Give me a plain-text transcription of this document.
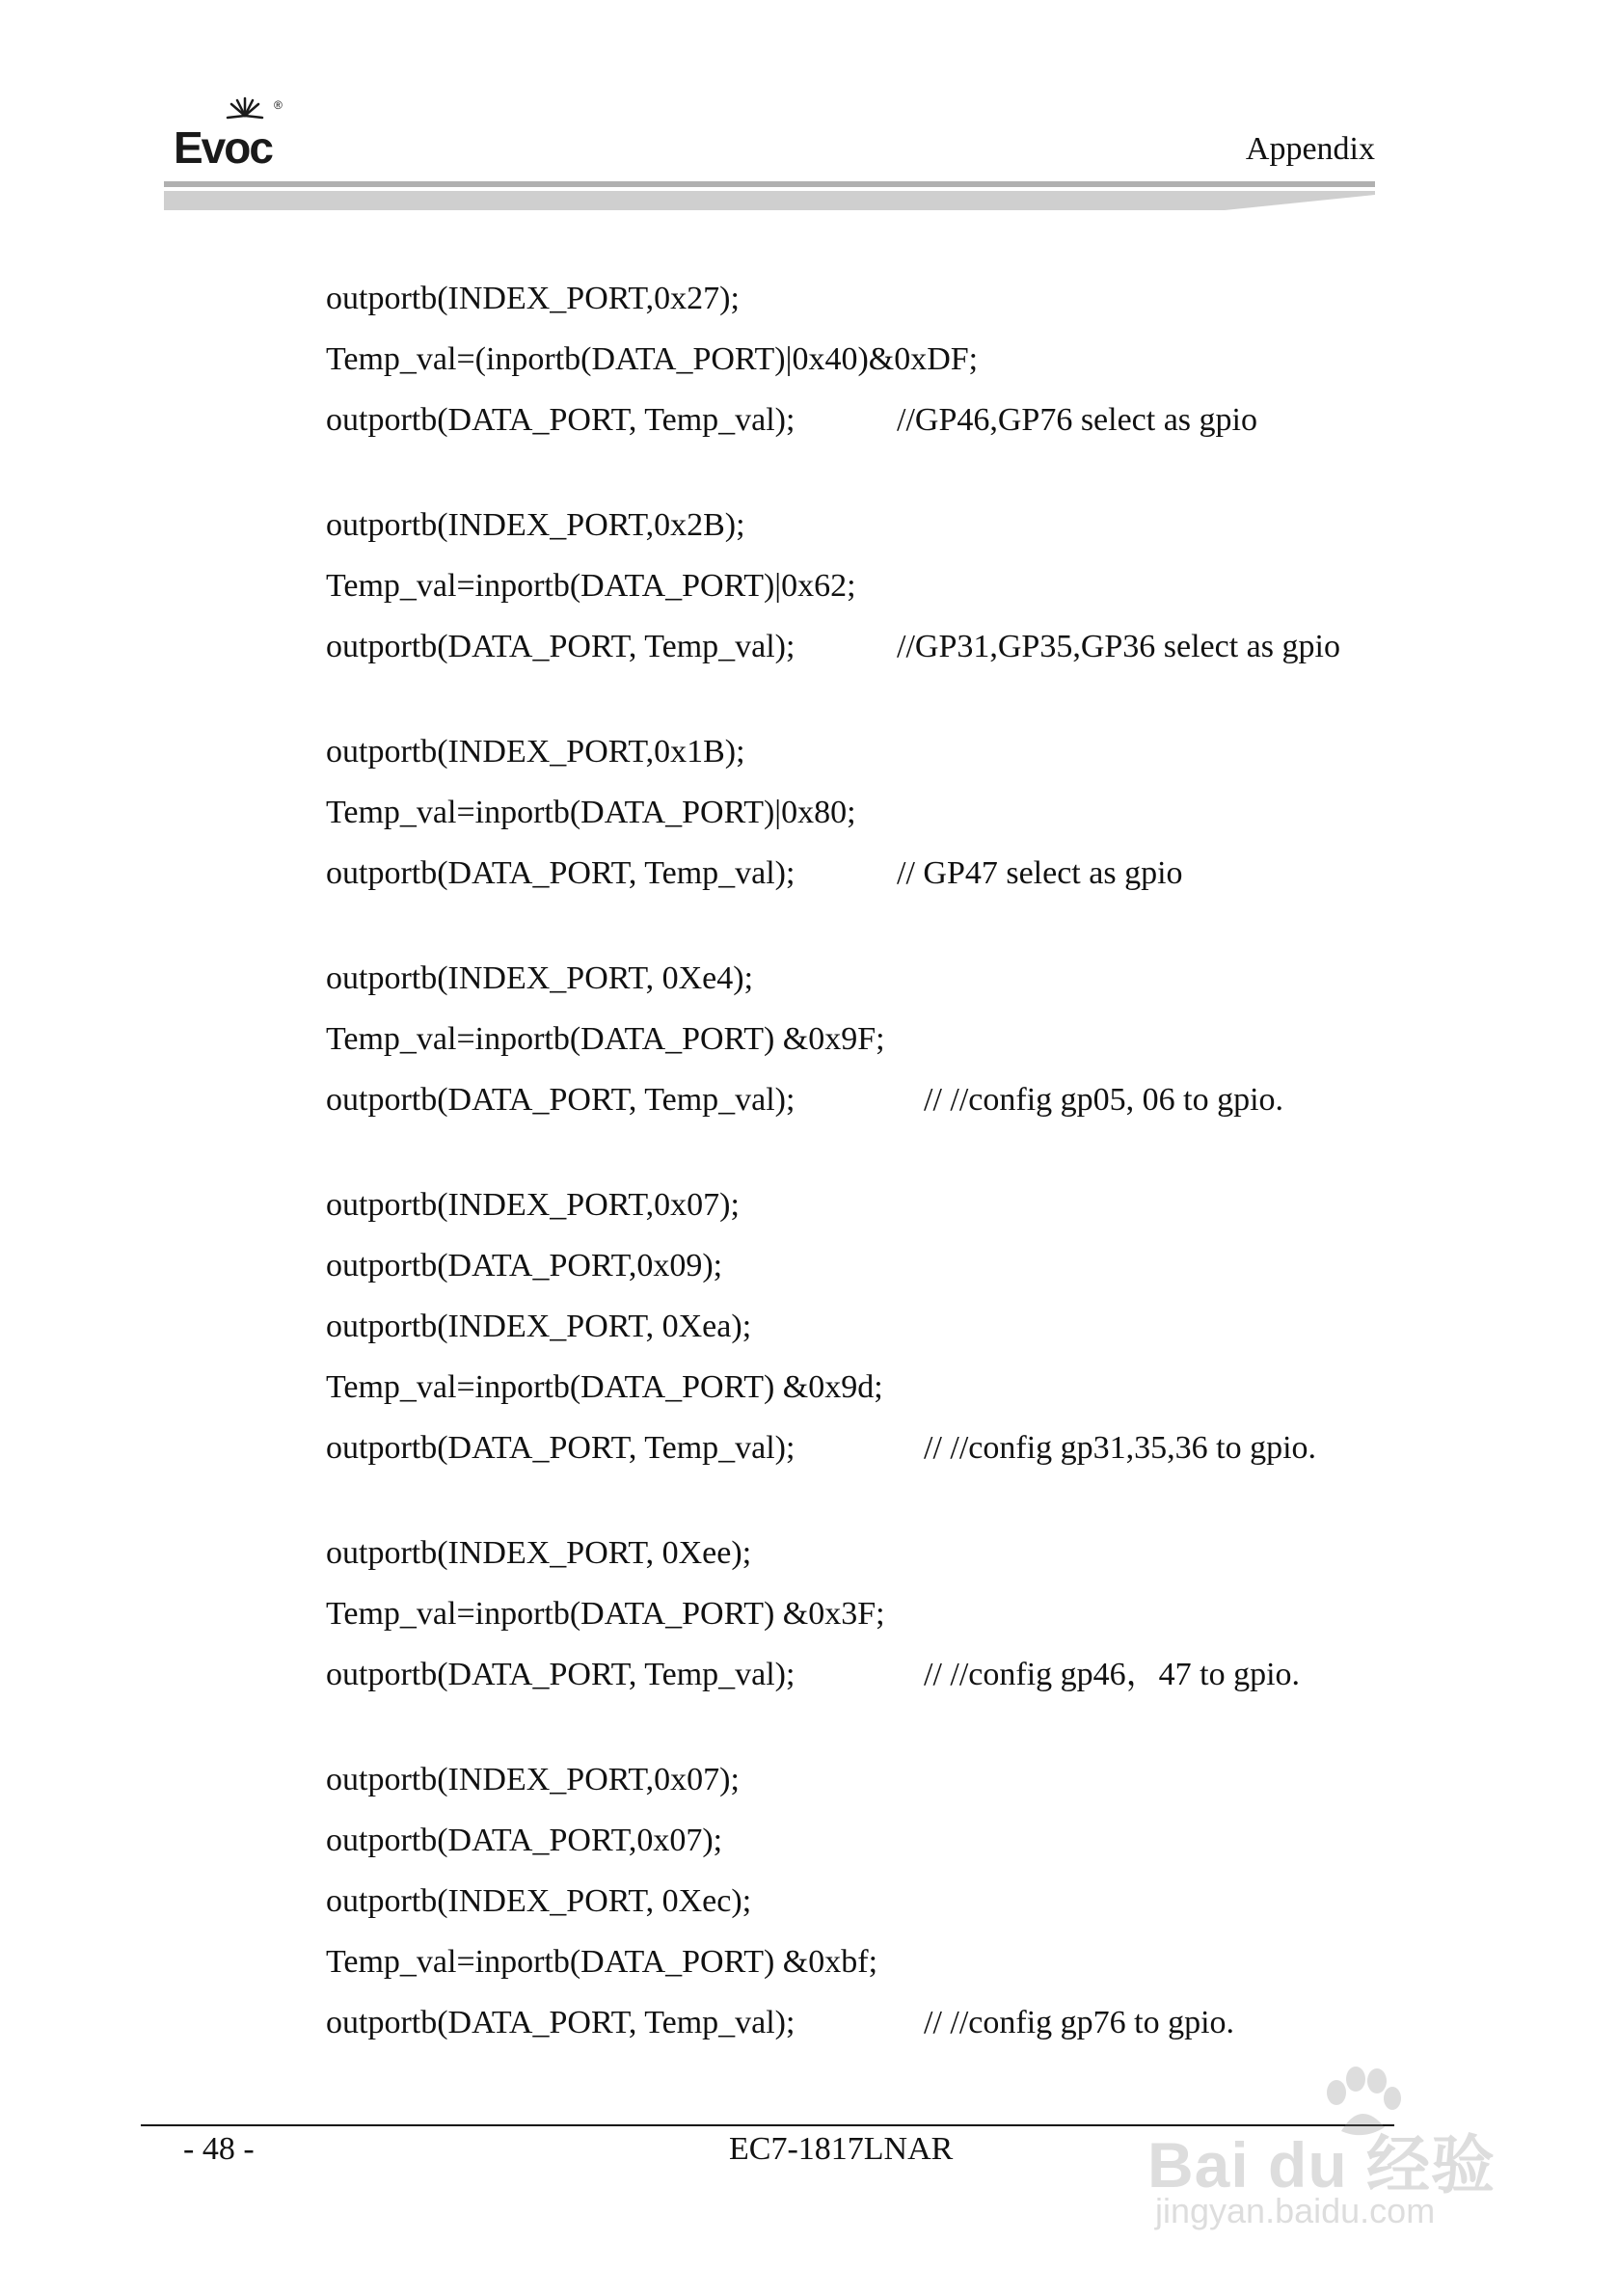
®
Evoc	Appendix
outportb(INDEX_PORT,0x27);
Temp_val=(inportb(DATA_PORT)|0x40)&0xDF;
outportb(DATA_PORT, Temp_val);	//GP46,GP76 select as gpio
outportb(INDEX_PORT,0x2B);
Temp_val=inportb(DATA_PORT)|0x62;
outportb(DATA_PORT, Temp_val);	//GP31,GP35,GP36 select as gpio
outportb(INDEX_PORT,0x1B);
Temp_val=inportb(DATA_PORT)|0x80;
outportb(DATA_PORT, Temp_val);	// GP47 select as gpio
outportb(INDEX_PORT, 0Xe4);
Temp_val=inportb(DATA_PORT) &0x9F;
outportb(DATA_PORT, Temp_val);	// //config gp05, 06 to gpio.
outportb(INDEX_PORT,0x07);
outportb(DATA_PORT,0x09);
outportb(INDEX_PORT, 0Xea);
Temp_val=inportb(DATA_PORT) &0x9d;
outportb(DATA_PORT, Temp_val);	// //config gp31,35,36 to gpio.
outportb(INDEX_PORT, 0Xee);
Temp_val=inportb(DATA_PORT) &0x3F;
outportb(DATA_PORT, Temp_val);	// //config gp46，47 to gpio.
outportb(INDEX_PORT,0x07);
outportb(DATA_PORT,0x07);
outportb(INDEX_PORT, 0Xec);
Temp_val=inportb(DATA_PORT) &0xbf;
outportb(DATA_PORT, Temp_val);	// //config gp76 to gpio.
- 48 -	EC7-1817LNAR	Bai du 经验
jingyan.baidu.com
